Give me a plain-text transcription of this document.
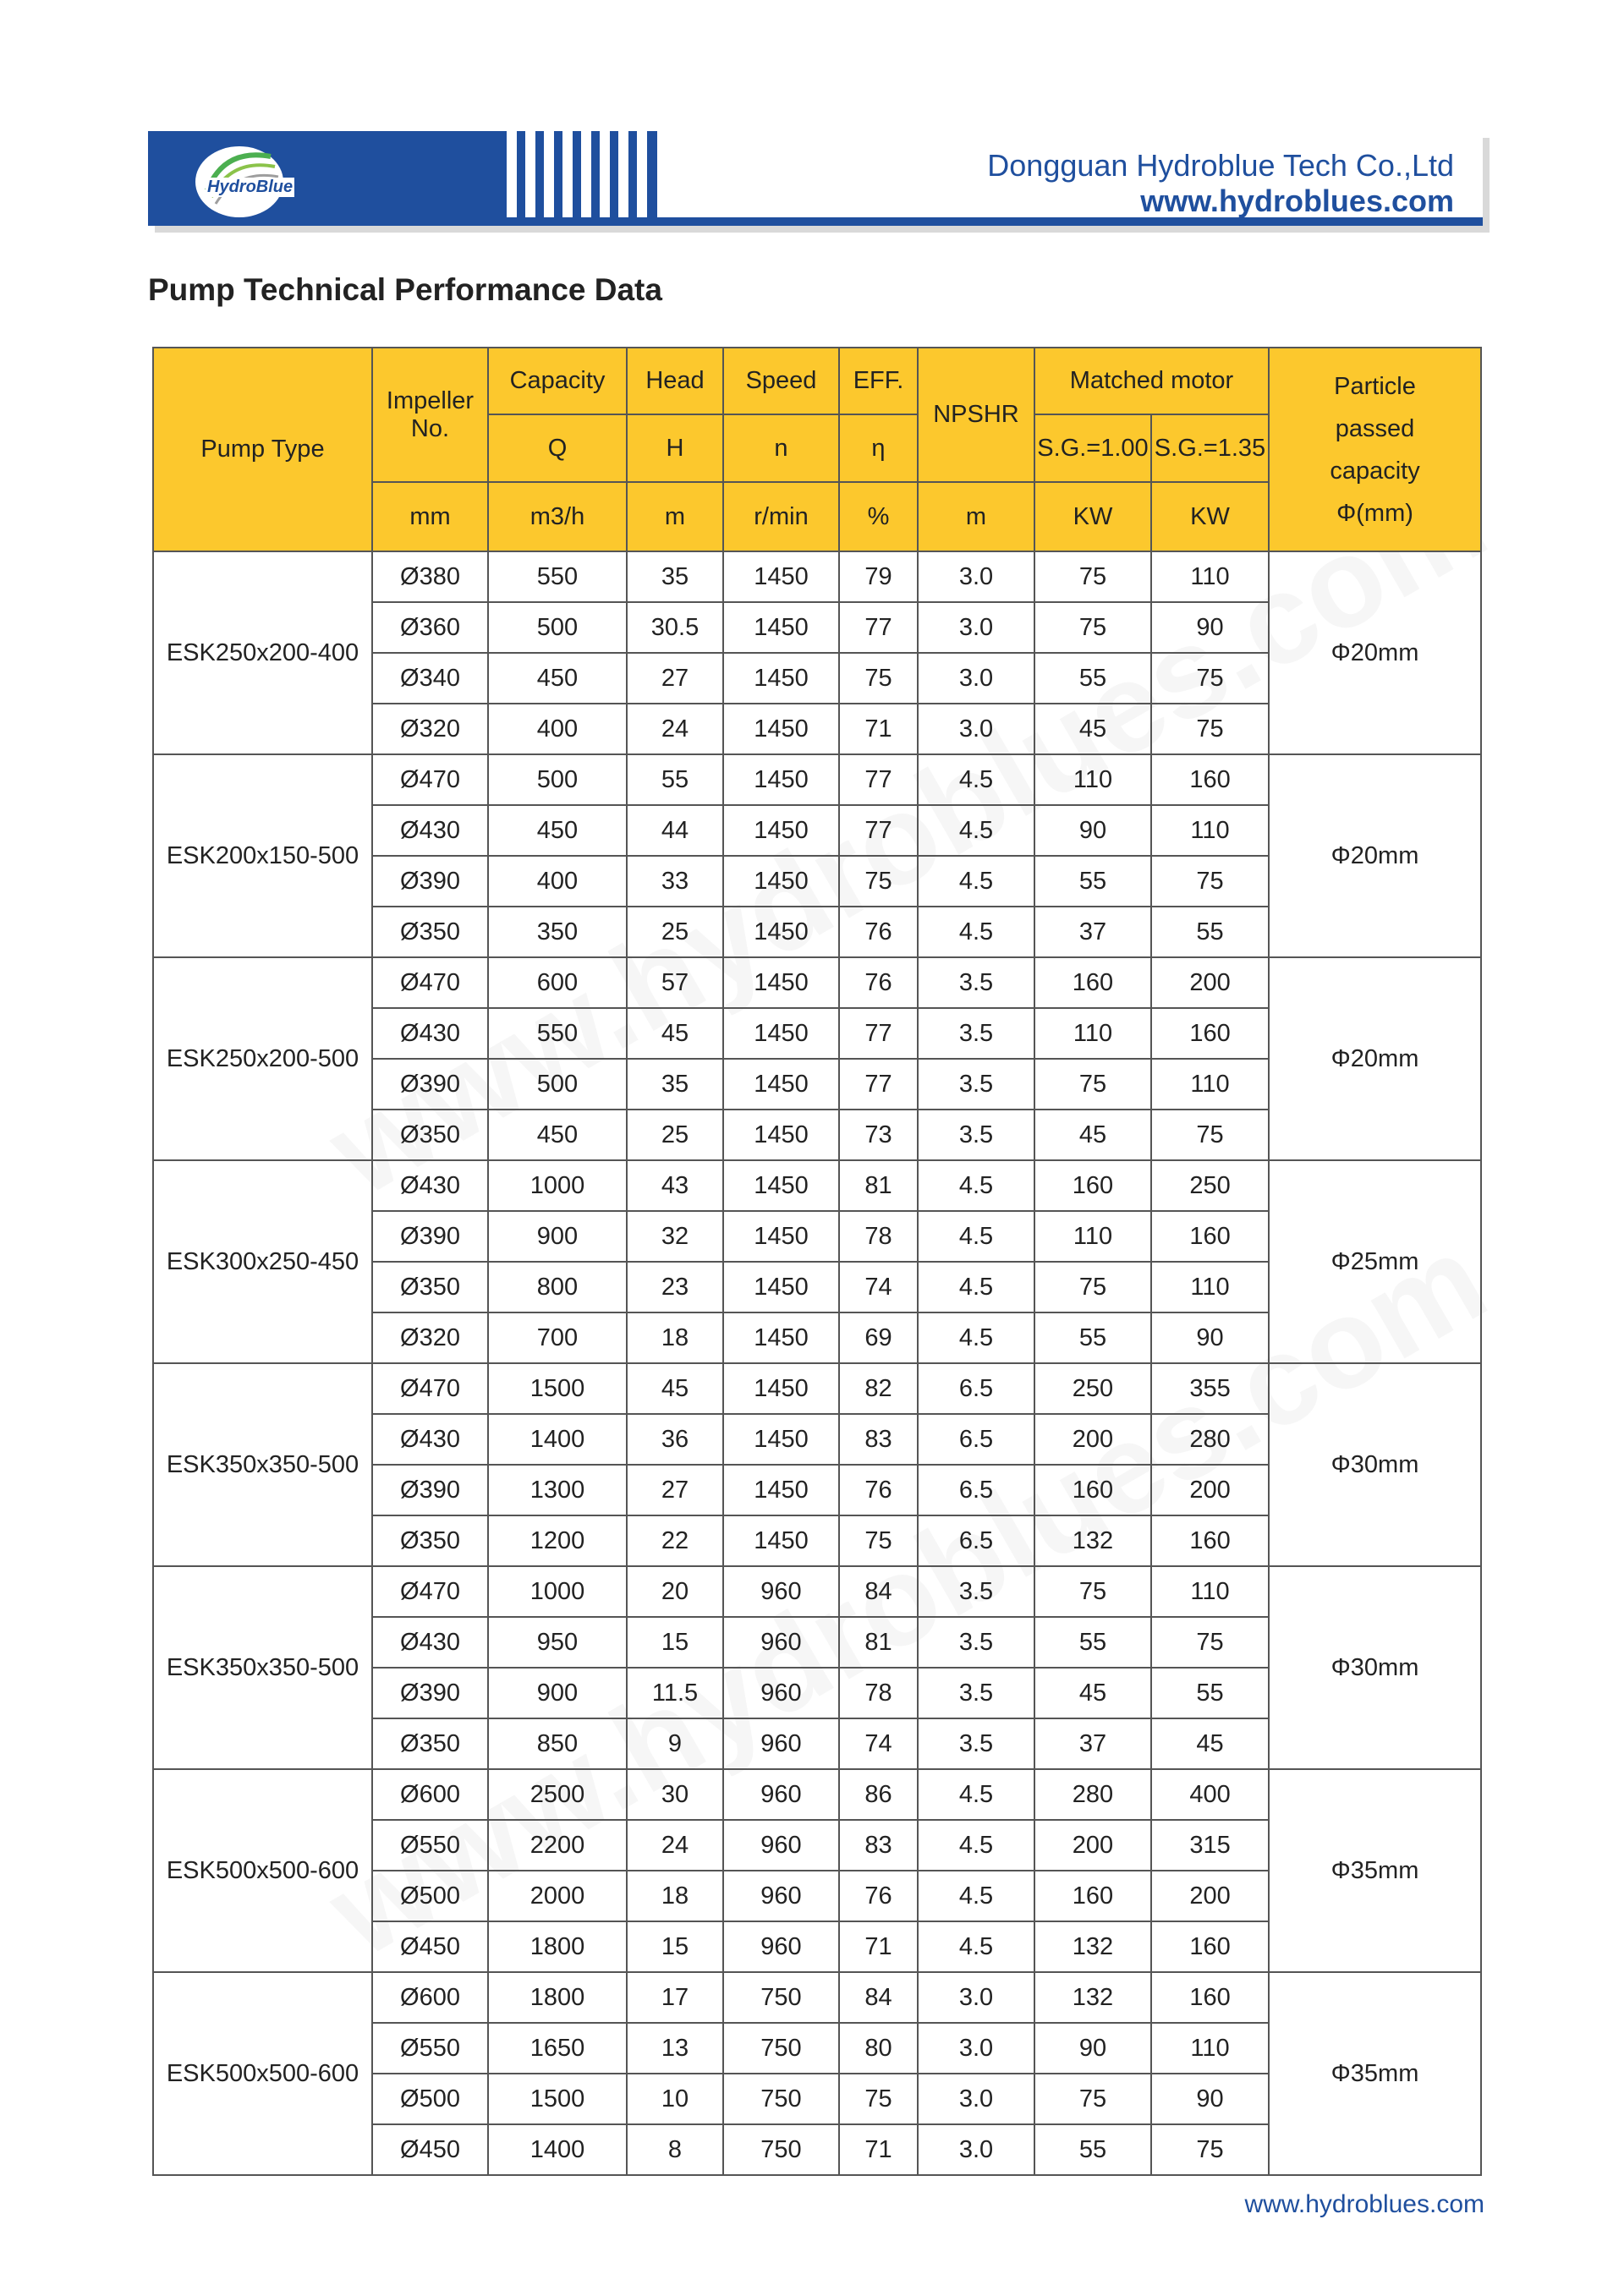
HydroBlue
Dongguan Hydroblue Tech Co.,Ltd
www.hydroblues.com
Pump Technical Performance Data
Pump Type	Impeller No.	Capacity	Head	Speed	EFF.	NPSHR	Matched motor		Particle passed capacity Φ(mm)
		Q	H	n	η		S.G.=1.00	S.G.=1.35	
	mm	m3/h	m	r/min	%	m	KW	KW	
ESK250x200-400	Ø380	550	35	1450	79	3.0	75	110	Φ20mm
	Ø360	500	30.5	1450	77	3.0	75	90	
	Ø340	450	27	1450	75	3.0	55	75	
	Ø320	400	24	1450	71	3.0	45	75	
ESK200x150-500	Ø470	500	55	1450	77	4.5	110	160	Φ20mm
	Ø430	450	44	1450	77	4.5	90	110	
	Ø390	400	33	1450	75	4.5	55	75	
	Ø350	350	25	1450	76	4.5	37	55	
ESK250x200-500	Ø470	600	57	1450	76	3.5	160	200	Φ20mm
	Ø430	550	45	1450	77	3.5	110	160	
	Ø390	500	35	1450	77	3.5	75	110	
	Ø350	450	25	1450	73	3.5	45	75	
ESK300x250-450	Ø430	1000	43	1450	81	4.5	160	250	Φ25mm
	Ø390	900	32	1450	78	4.5	110	160	
	Ø350	800	23	1450	74	4.5	75	110	
	Ø320	700	18	1450	69	4.5	55	90	
ESK350x350-500	Ø470	1500	45	1450	82	6.5	250	355	Φ30mm
	Ø430	1400	36	1450	83	6.5	200	280	
	Ø390	1300	27	1450	76	6.5	160	200	
	Ø350	1200	22	1450	75	6.5	132	160	
ESK350x350-500	Ø470	1000	20	960	84	3.5	75	110	Φ30mm
	Ø430	950	15	960	81	3.5	55	75	
	Ø390	900	11.5	960	78	3.5	45	55	
	Ø350	850	9	960	74	3.5	37	45	
ESK500x500-600	Ø600	2500	30	960	86	4.5	280	400	Φ35mm
	Ø550	2200	24	960	83	4.5	200	315	
	Ø500	2000	18	960	76	4.5	160	200	
	Ø450	1800	15	960	71	4.5	132	160	
ESK500x500-600	Ø600	1800	17	750	84	3.0	132	160	Φ35mm
	Ø550	1650	13	750	80	3.0	90	110	
	Ø500	1500	10	750	75	3.0	75	90	
	Ø450	1400	8	750	71	3.0	55	75	
www.hydroblues.com
